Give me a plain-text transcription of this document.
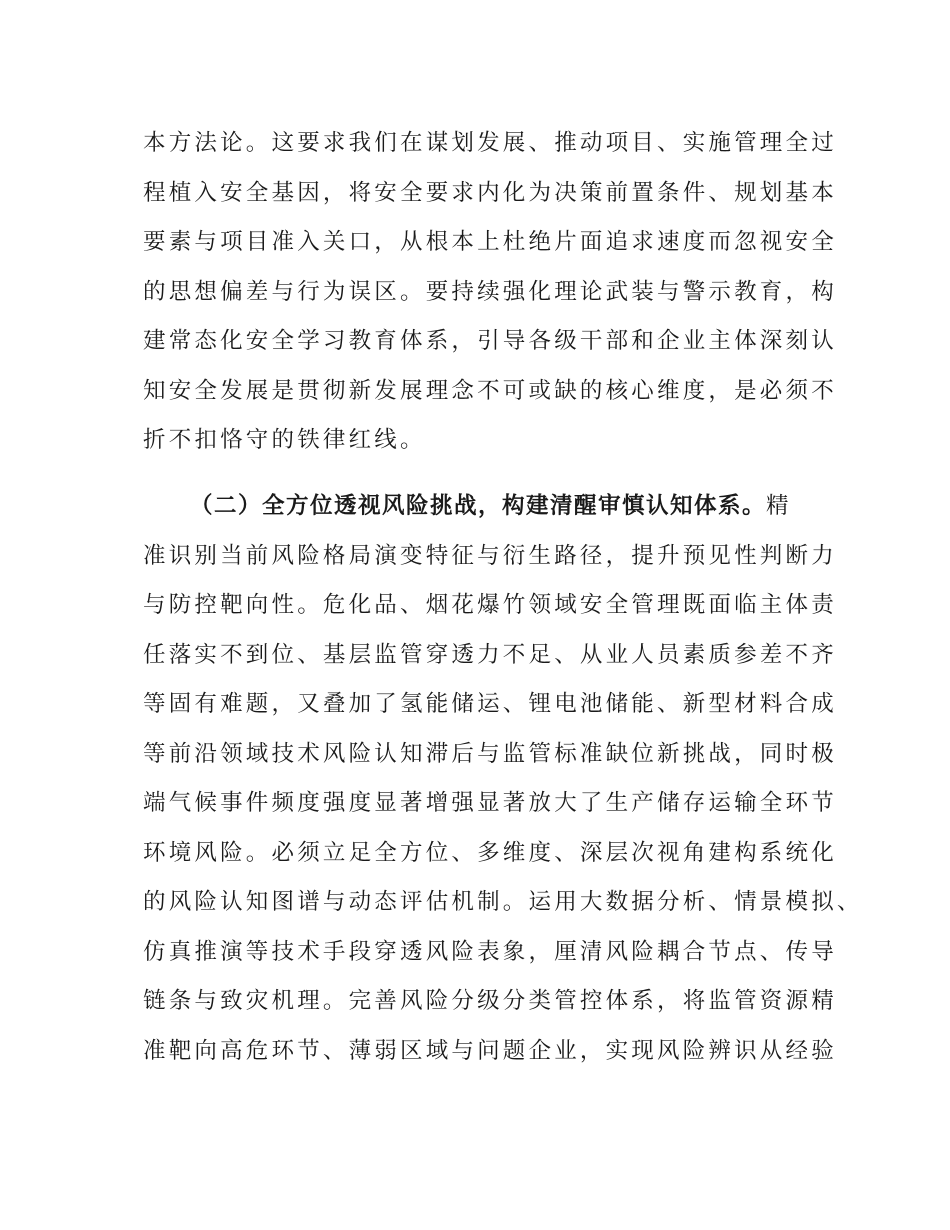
本方法论。这要求我们在谋划发展、推动项目、实施管理全过
程植入安全基因，将安全要求内化为决策前置条件、规划基本
要素与项目准入关口，从根本上杜绝片面追求速度而忽视安全
的思想偏差与行为误区。要持续强化理论武装与警示教育，构
建常态化安全学习教育体系，引导各级干部和企业主体深刻认
知安全发展是贯彻新发展理念不可或缺的核心维度，是必须不
折不扣恪守的铁律红线。
（二）全方位透视风险挑战，构建清醒审慎认知体系。精
准识别当前风险格局演变特征与衍生路径，提升预见性判断力
与防控靶向性。危化品、烟花爆竹领域安全管理既面临主体责
任落实不到位、基层监管穿透力不足、从业人员素质参差不齐
等固有难题，又叠加了氢能储运、锂电池储能、新型材料合成
等前沿领域技术风险认知滞后与监管标准缺位新挑战，同时极
端气候事件频度强度显著增强显著放大了生产储存运输全环节
环境风险。必须立足全方位、多维度、深层次视角建构系统化
的风险认知图谱与动态评估机制。运用大数据分析、情景模拟、
仿真推演等技术手段穿透风险表象，厘清风险耦合节点、传导
链条与致灾机理。完善风险分级分类管控体系，将监管资源精
准靶向高危环节、薄弱区域与问题企业，实现风险辨识从经验
